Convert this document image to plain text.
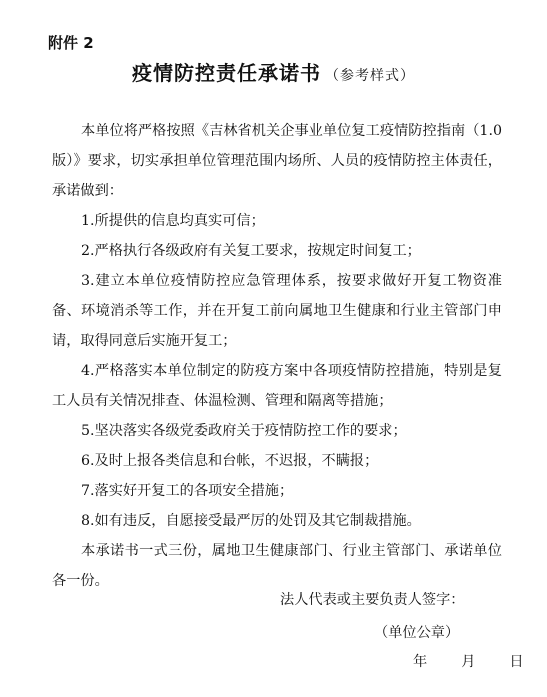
附件 2
疫情防控责任承诺书 （参考样式）

本单位将严格按照《吉林省机关企事业单位复工疫情防控指南（1.0版）》要求，切实承担单位管理范围内场所、人员的疫情防控主体责任，承诺做到：

1.所提供的信息均真实可信；

2.严格执行各级政府有关复工要求，按规定时间复工；

3.建立本单位疫情防控应急管理体系，按要求做好开复工物资准备、环境消杀等工作，并在开复工前向属地卫生健康和行业主管部门申请，取得同意后实施开复工；

4.严格落实本单位制定的防疫方案中各项疫情防控措施，特别是复工人员有关情况排查、体温检测、管理和隔离等措施；

5.坚决落实各级党委政府关于疫情防控工作的要求；

6.及时上报各类信息和台帐，不迟报，不瞒报；

7.落实好开复工的各项安全措施；

8.如有违反，自愿接受最严厉的处罚及其它制裁措施。

本承诺书一式三份，属地卫生健康部门、行业主管部门、承诺单位各一份。

法人代表或主要负责人签字：
（单位公章）
年 月 日
